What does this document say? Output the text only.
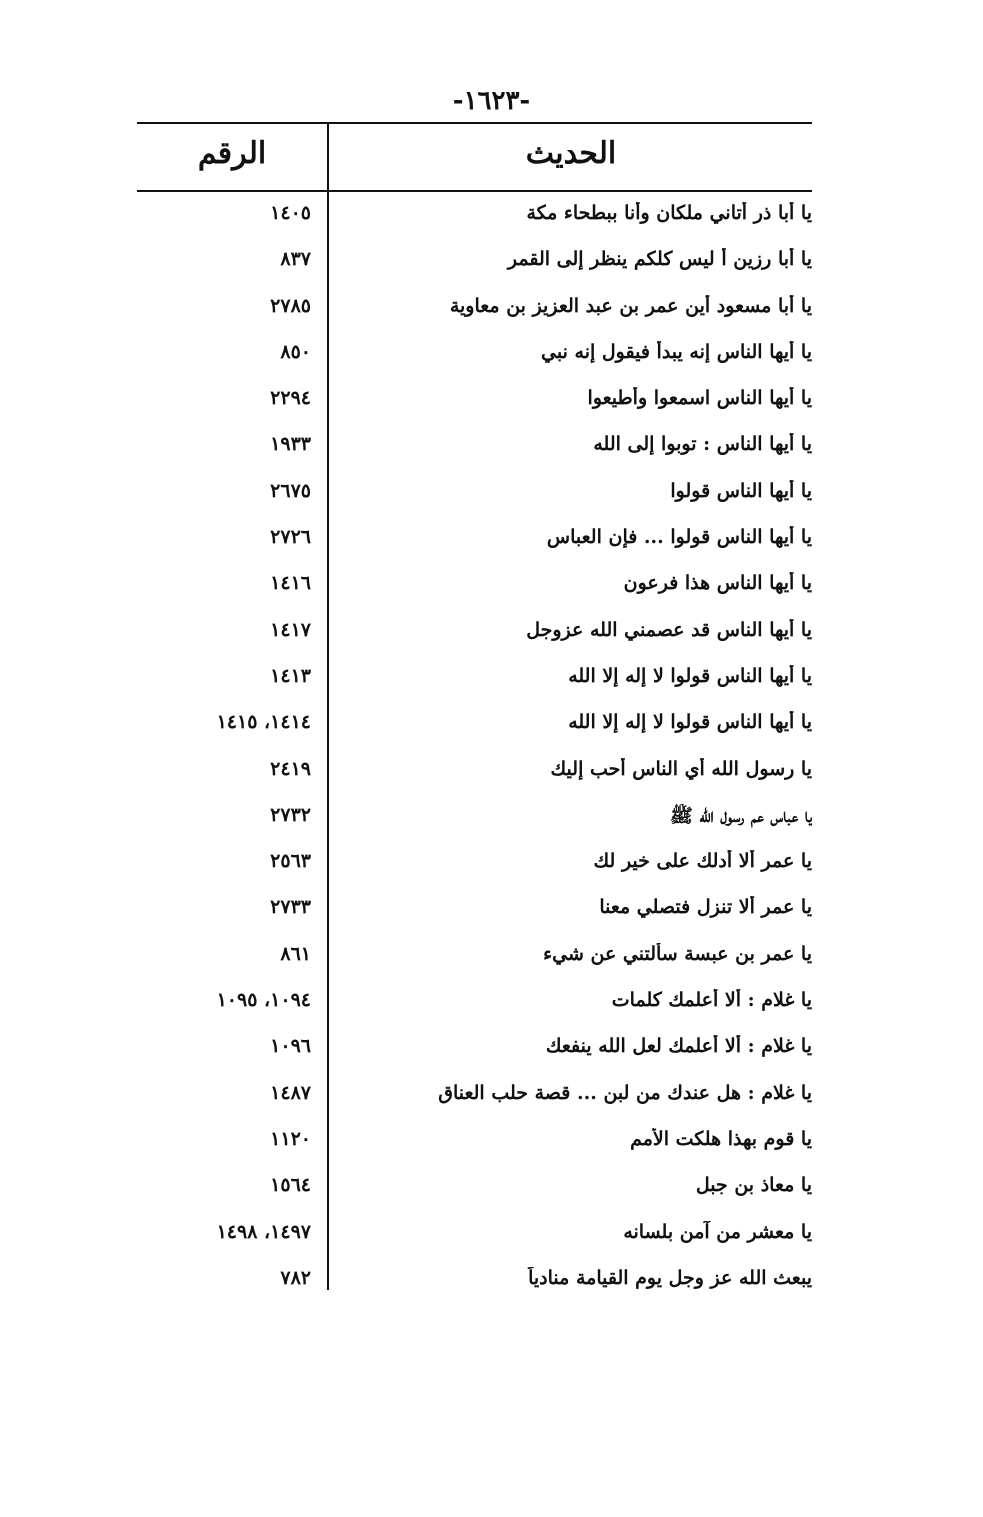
-١٦٢٣-
الحديث
الرقم
يا أبا ذر أتاني ملكان وأنا ببطحاء مكة
١٤٠٥
يا أبا رزين أ ليس كلكم ينظر إلى القمر
٨٣٧
يا أبا مسعود أين عمر بن عبد العزيز بن معاوية
٢٧٨٥
يا أيها الناس إنه يبدأ فيقول إنه نبي
٨٥٠
يا أيها الناس اسمعوا وأطيعوا
٢٢٩٤
يا أيها الناس : توبوا إلى الله
١٩٣٣
يا أيها الناس قولوا
٢٦٧٥
يا أيها الناس قولوا ... فإن العباس
٢٧٢٦
يا أيها الناس هذا فرعون
١٤١٦
يا أيها الناس قد عصمني الله عزوجل
١٤١٧
يا أيها الناس قولوا لا إله إلا الله
١٤١٣
يا أيها الناس قولوا لا إله إلا الله
١٤١٤، ١٤١٥
يا رسول الله أي الناس أحب إليك
٢٤١٩
يا عباس عم رسول الله ﷺ
٢٧٣٢
يا عمر ألا أدلك على خير لك
٢٥٦٣
يا عمر ألا تنزل فتصلي معنا
٢٧٣٣
يا عمر بن عبسة سألتني عن شيء
٨٦١
يا غلام : ألا أُعلمك كلمات
١٠٩٤، ١٠٩٥
يا غلام : ألا أُعلمك لعل الله ينفعك
١٠٩٦
يا غلام : هل عندك من لبن ... قصة حلب العناق
١٤٨٧
يا قوم بهذا هلكت الأمم
١١٢٠
يا معاذ بن جبل
١٥٦٤
يا معشر من آمن بلسانه
١٤٩٧، ١٤٩٨
يبعث الله عز وجل يوم القيامة منادياً
٧٨٢
